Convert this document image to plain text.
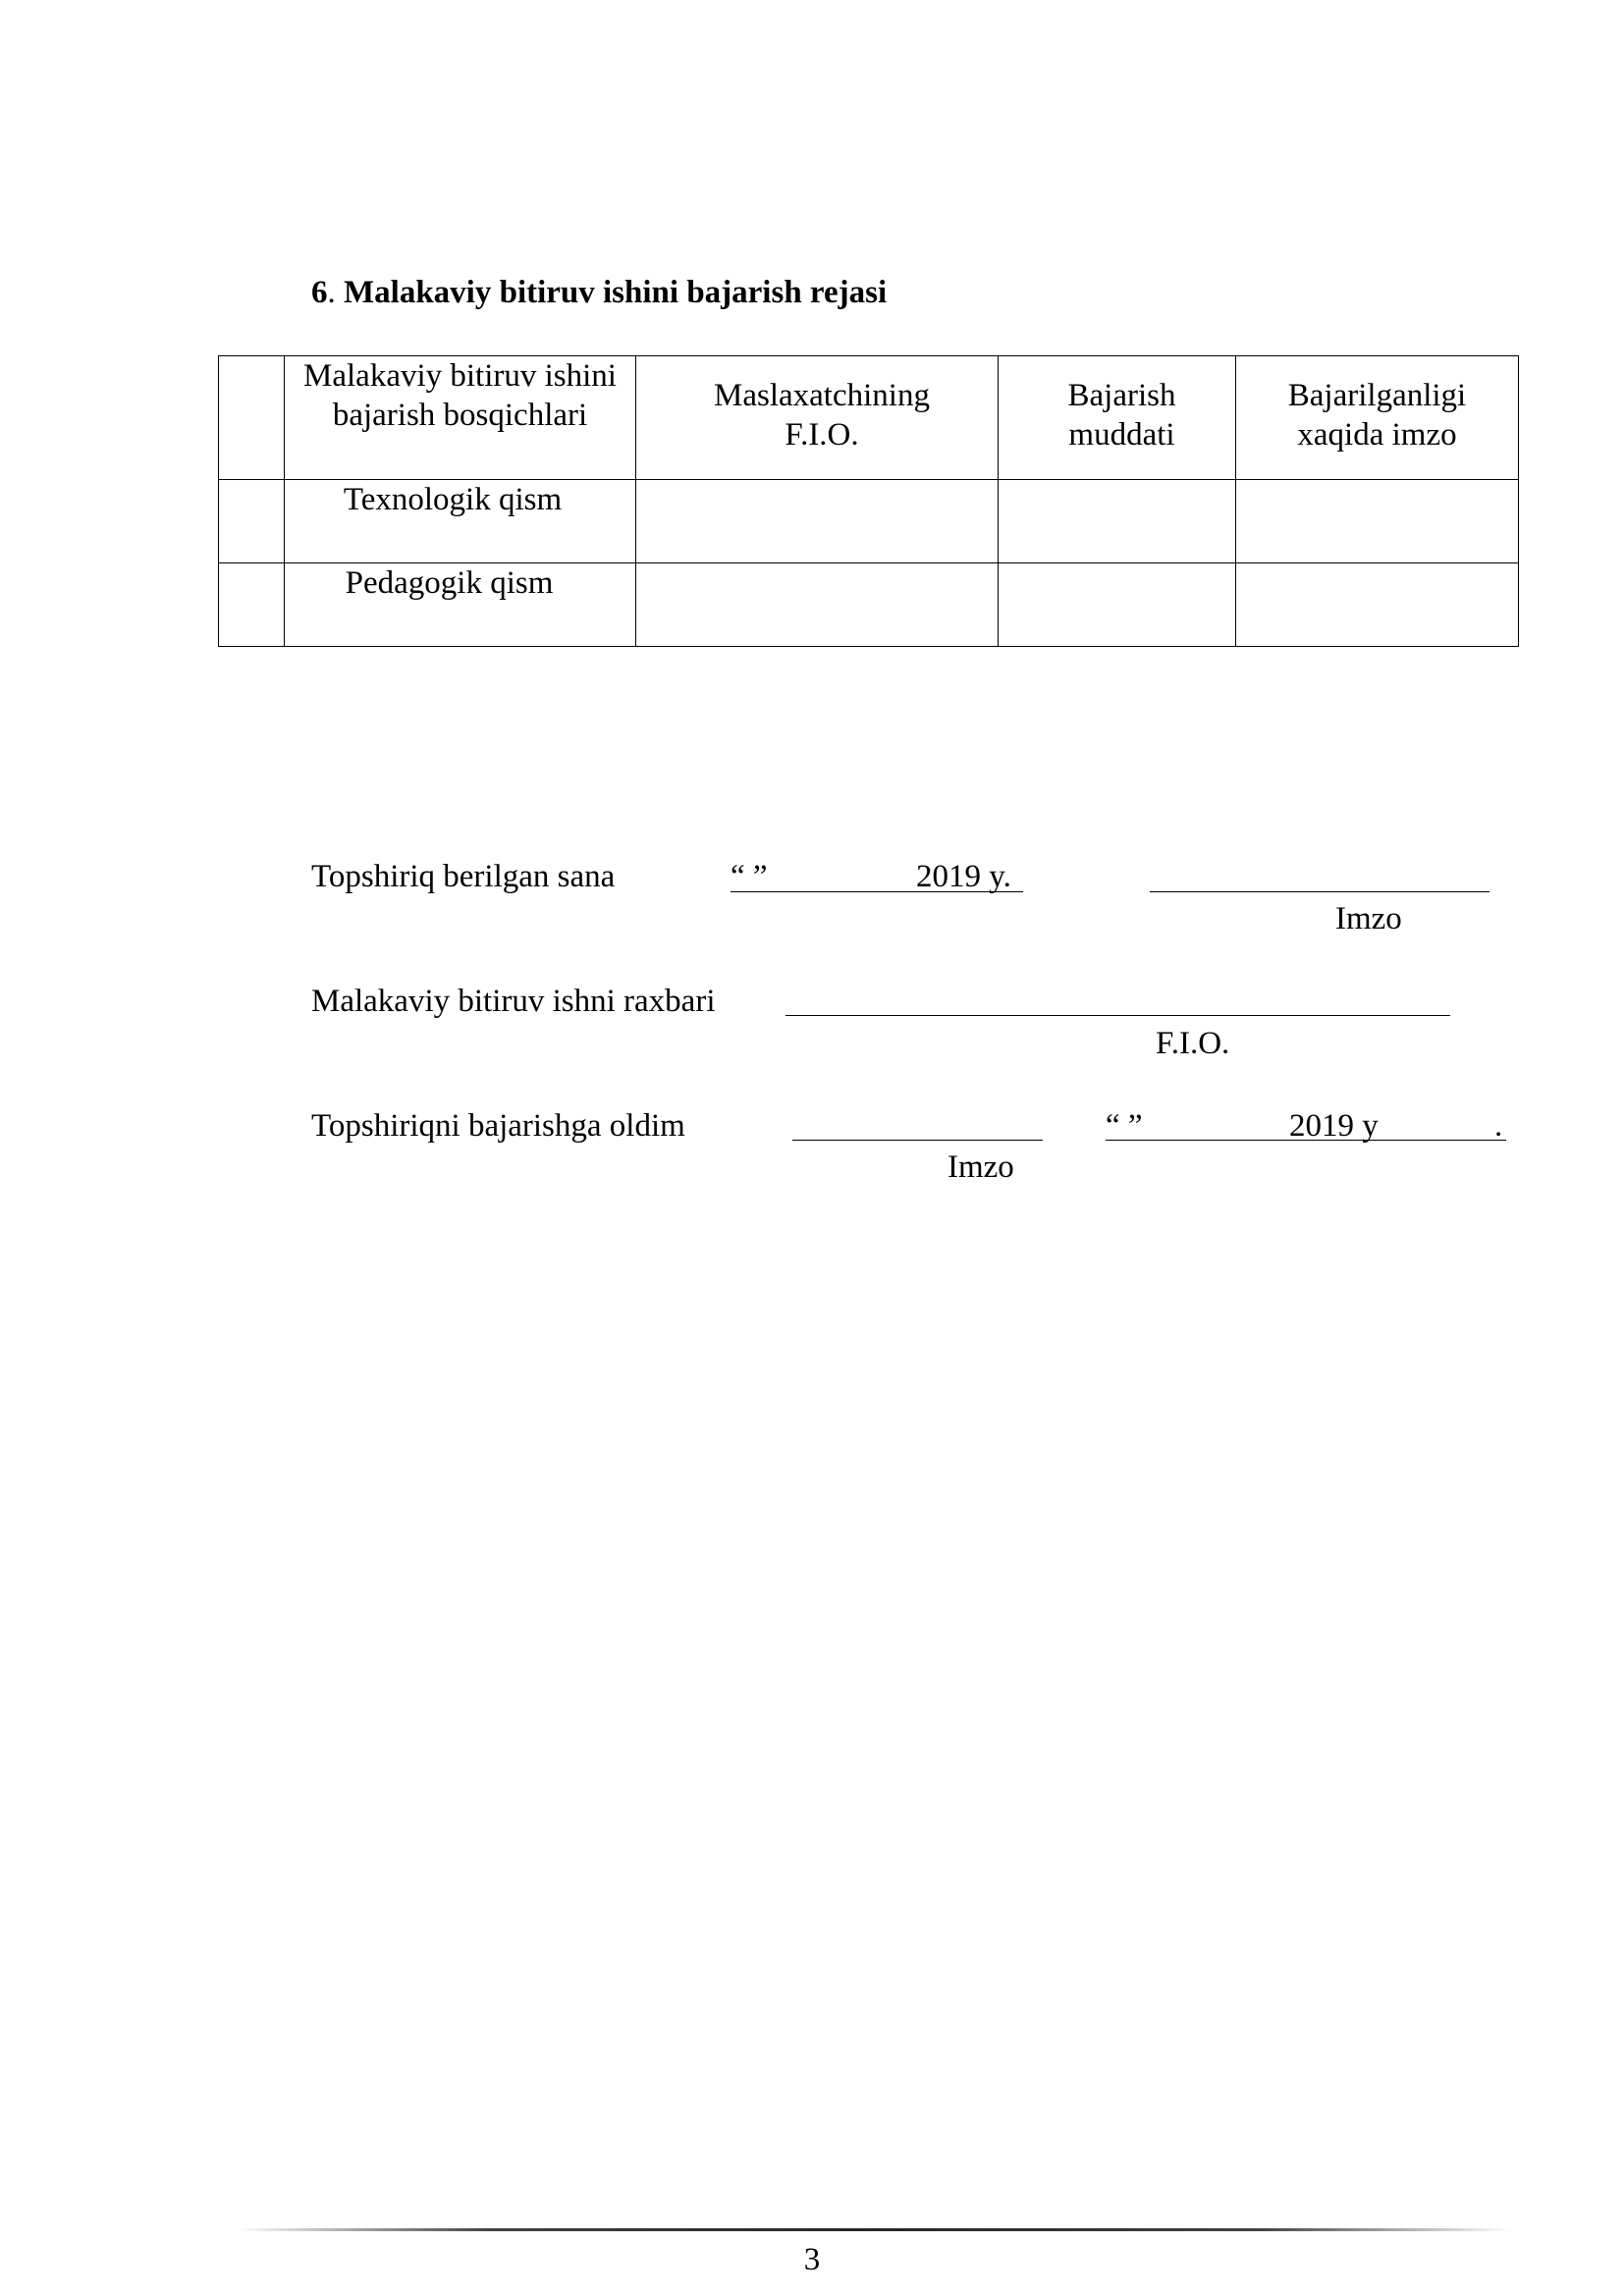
6. Malakaviy bitiruv ishini bajarish rejasi

	Malakaviy bitiruv ishini bajarish bosqichlari	Maslaxatchining F.I.O.	Bajarish muddati	Bajarilganligi xaqida imzo

	Texnologik qism			
	Pedagogik qism			
Topshiriq berilgan sana	“ ”	2019 y.
Imzo
Malakaviy bitiruv ishni raxbari
F.I.O.
Topshiriqni bajarishga oldim
Imzo
“ ”	2019 y	.
3
